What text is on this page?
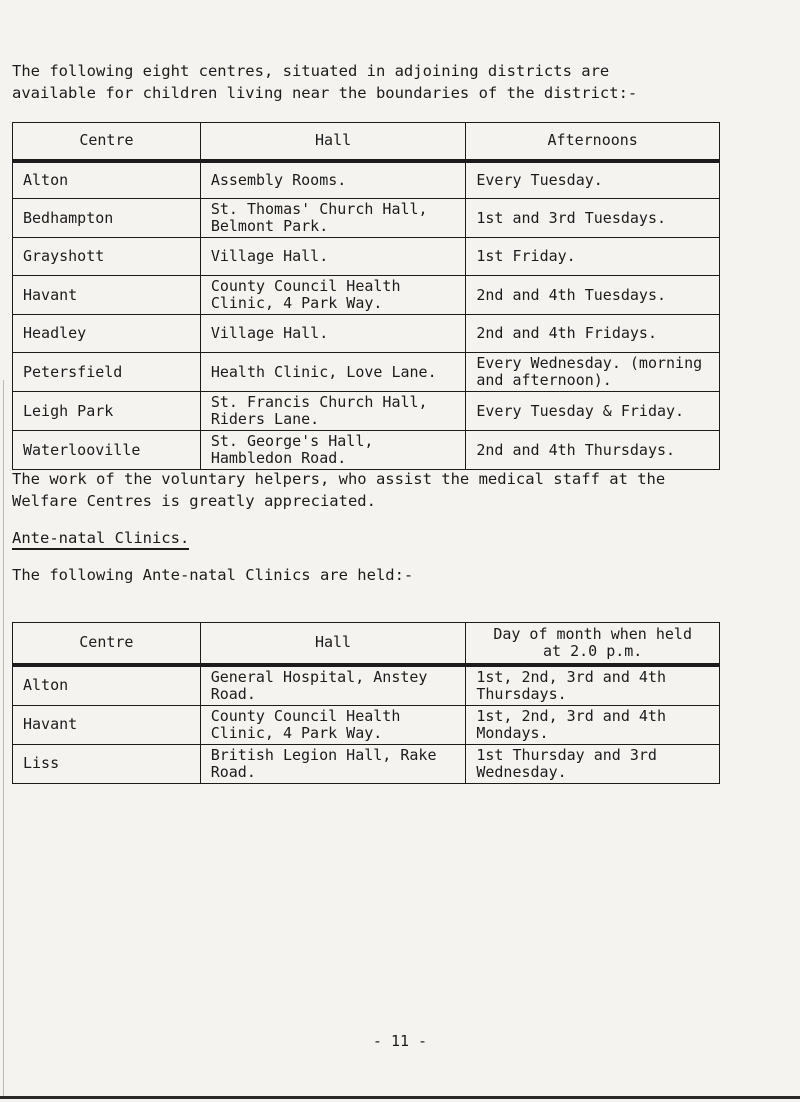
The following eight centres, situated in adjoining districts are
available for children living near the boundaries of the district:-

Centre	Hall	Afternoons
Alton	Assembly Rooms.	Every Tuesday.
Bedhampton	St. Thomas' Church Hall, Belmont Park.	1st and 3rd Tuesdays.
Grayshott	Village Hall.	1st Friday.
Havant	County Council Health Clinic, 4 Park Way.	2nd and 4th Tuesdays.
Headley	Village Hall.	2nd and 4th Fridays.
Petersfield	Health Clinic, Love Lane.	Every Wednesday. (morning and afternoon).
Leigh Park	St. Francis Church Hall, Riders Lane.	Every Tuesday & Friday.
Waterlooville	St. George's Hall, Hambledon Road.	2nd and 4th Thursdays.

The work of the voluntary helpers, who assist the medical staff at the
Welfare Centres is greatly appreciated.

Ante-natal Clinics.

The following Ante-natal Clinics are held:-

Centre	Hall	Day of month when held at 2.0 p.m.
Alton	General Hospital, Anstey Road.	1st, 2nd, 3rd and 4th Thursdays.
Havant	County Council Health Clinic, 4 Park Way.	1st, 2nd, 3rd and 4th Mondays.
Liss	British Legion Hall, Rake Road.	1st Thursday and 3rd Wednesday.
- 11 -
